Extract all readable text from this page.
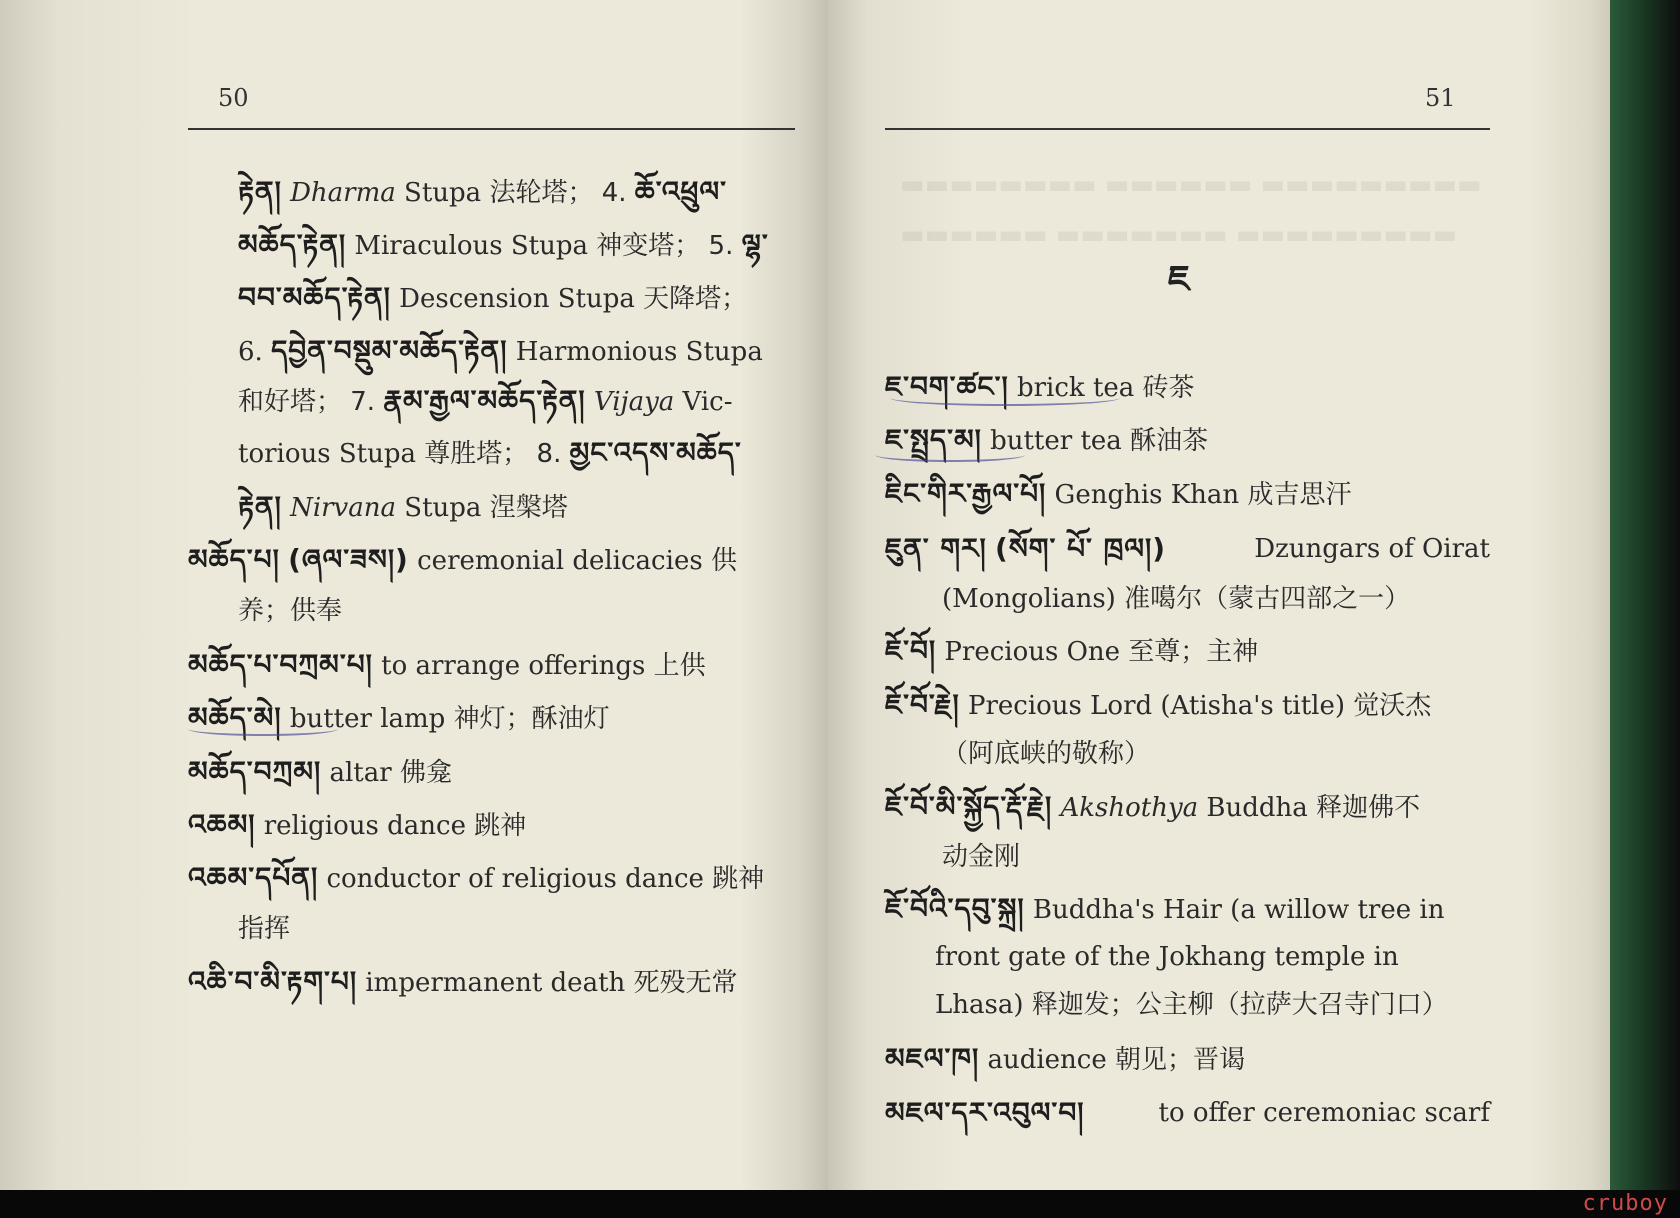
▬▬▬▬▬▬▬▬ ▬▬▬▬▬▬ ▬▬▬▬▬▬▬▬▬
▬▬▬▬▬▬ ▬▬▬▬▬▬▬ ▬▬▬▬▬▬▬▬▬
50	51
རྟེན། Dharma Stupa 法轮塔； 4. ཆོ་འཕྲུལ་
མཆོད་རྟེན། Miraculous Stupa 神变塔； 5. ལྷ་
བབ་མཆོད་རྟེན། Descension Stupa 天降塔；
6. དབྱེན་བསྡུམ་མཆོད་རྟེན། Harmonious Stupa
和好塔； 7. རྣམ་རྒྱལ་མཆོད་རྟེན། Vijaya Vic-
torious Stupa 尊胜塔； 8. མྱང་འདས་མཆོད་
རྟེན། Nirvana Stupa 涅槃塔
མཆོད་པ། (ཞལ་ཟས།) ceremonial delicacies 供
养；供奉
མཆོད་པ་བཀྲམ་པ། to arrange offerings 上供
མཆོད་མེ། butter lamp 神灯；酥油灯
མཆོད་བཀྲམ། altar 佛龛
འཆམ། religious dance 跳神
འཆམ་དཔོན། conductor of religious dance 跳神
指挥
འཆི་བ་མི་རྟག་པ། impermanent death 死殁无常
ཇ
ཇ་བག་ཚང་། brick tea 砖茶
ཇ་སྤྲད་མ། butter tea 酥油茶
ཇིང་གིར་རྒྱལ་པོ། Genghis Khan 成吉思汗
ཇུན་ གར། (སོག་ པོ་ ཁྲལ།)	Dzungars of Oirat
(Mongolians) 准噶尔（蒙古四部之一）
ཇོ་བོ། Precious One 至尊；主神
ཇོ་བོ་རྗེ། Precious Lord (Atisha's title) 觉沃杰
（阿底峡的敬称）
ཇོ་བོ་མི་སྐྱོད་རྡོ་རྗེ། Akshothya Buddha 释迦佛不
动金刚
ཇོ་བོའི་དབུ་སྐྲ། Buddha's Hair (a willow tree in
front gate of the Jokhang temple in
Lhasa) 释迦发；公主柳（拉萨大召寺门口）
མཇལ་ཁ། audience 朝见；晋谒
མཇལ་དར་འབུལ་བ།	to offer ceremoniac scarf
cruboy
